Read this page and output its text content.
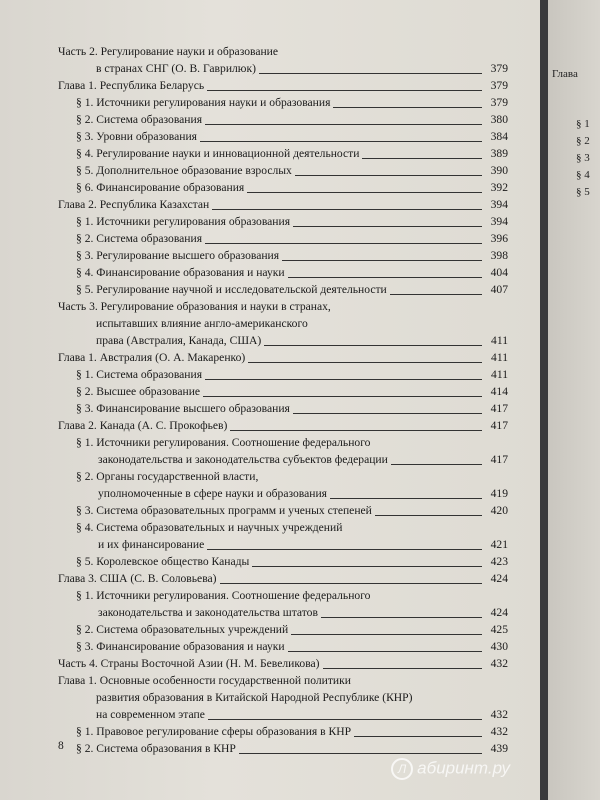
Часть 2. Регулирование науки и образование
в странах СНГ (О. В. Гаврилюк)	379
Глава 1. Республика Беларусь	379
§ 1. Источники регулирования науки и образования	379
§ 2. Система образования	380
§ 3. Уровни образования	384
§ 4. Регулирование науки и инновационной деятельности	389
§ 5. Дополнительное образование взрослых	390
§ 6. Финансирование образования	392
Глава 2. Республика Казахстан	394
§ 1. Источники регулирования образования	394
§ 2. Система образования	396
§ 3. Регулирование высшего образования	398
§ 4. Финансирование образования и науки	404
§ 5. Регулирование научной и исследовательской деятельности	407
Часть 3. Регулирование образования и науки в странах,
испытавших влияние англо-американского
права (Австралия, Канада, США)	411
Глава 1. Австралия (О. А. Макаренко)	411
§ 1. Система образования	411
§ 2. Высшее образование	414
§ 3. Финансирование высшего образования	417
Глава 2. Канада (А. С. Прокофьев)	417
§ 1. Источники регулирования. Соотношение федерального
законодательства и законодательства субъектов федерации	417
§ 2. Органы государственной власти,
уполномоченные в сфере науки и образования	419
§ 3. Система образовательных программ и ученых степеней	420
§ 4. Система образовательных и научных учреждений
и их финансирование	421
§ 5. Королевское общество Канады	423
Глава 3. США (С. В. Соловьева)	424
§ 1. Источники регулирования. Соотношение федерального
законодательства и законодательства штатов	424
§ 2. Система образовательных учреждений	425
§ 3. Финансирование образования и науки	430
Часть 4. Страны Восточной Азии (Н. М. Бевеликова)	432
Глава 1. Основные особенности государственной политики
развития образования в Китайской Народной Республике (КНР)
на современном этапе	432
§ 1. Правовое регулирование сферы образования в КНР	432
§ 2. Система образования в КНР	439
8
Л абиринт.ру
Глава
§ 1
§ 2
§ 3
§ 4
§ 5
